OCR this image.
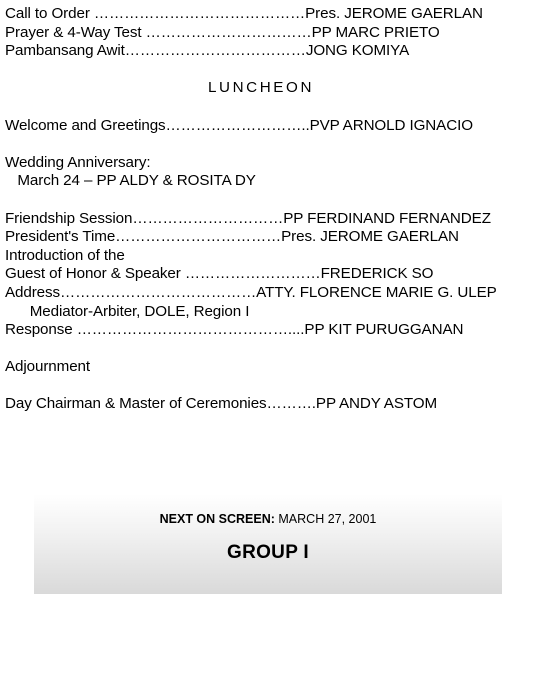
Call to Order ……………………………………Pres. JEROME GAERLAN
Prayer & 4-Way Test ……………………………PP MARC PRIETO
Pambansang Awit………………………………JONG KOMIYA
LUNCHEON
Welcome and Greetings………………………..PVP ARNOLD IGNACIO
Wedding Anniversary:
March 24 – PP ALDY & ROSITA DY
Friendship Session…………………………PP FERDINAND FERNANDEZ
President's Time……………………………Pres. JEROME GAERLAN
Introduction of the
Guest of Honor & Speaker ………………………FREDERICK SO
Address…………………………………ATTY. FLORENCE MARIE G. ULEP
Mediator-Arbiter, DOLE, Region I
Response ……………………………………....PP KIT PURUGGANAN
Adjournment
Day Chairman & Master of Ceremonies……….PP ANDY ASTOM
NEXT ON SCREEN: MARCH 27, 2001
GROUP I
